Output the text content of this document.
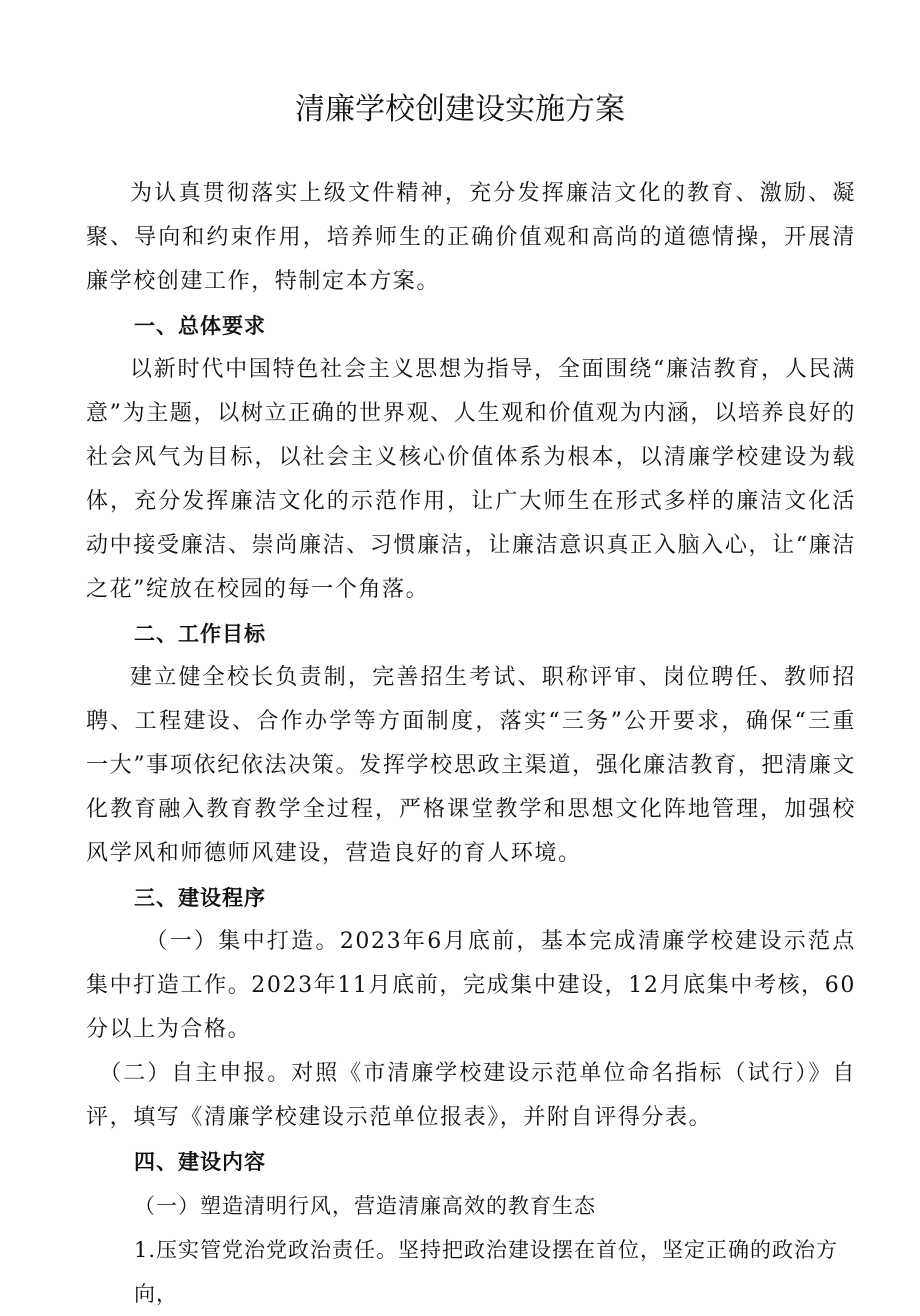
清廉学校创建设实施方案

为认真贯彻落实上级文件精神，充分发挥廉洁文化的教育、激励、凝聚、导向和约束作用，培养师生的正确价值观和高尚的道德情操，开展清廉学校创建工作，特制定本方案。

一、总体要求

以新时代中国特色社会主义思想为指导，全面围绕“廉洁教育，人民满意”为主题，以树立正确的世界观、人生观和价值观为内涵，以培养良好的社会风气为目标，以社会主义核心价值体系为根本，以清廉学校建设为载体，充分发挥廉洁文化的示范作用，让广大师生在形式多样的廉洁文化活动中接受廉洁、崇尚廉洁、习惯廉洁，让廉洁意识真正入脑入心，让“廉洁之花”绽放在校园的每一个角落。

二、工作目标

建立健全校长负责制，完善招生考试、职称评审、岗位聘任、教师招聘、工程建设、合作办学等方面制度，落实“三务”公开要求，确保“三重一大”事项依纪依法决策。发挥学校思政主渠道，强化廉洁教育，把清廉文化教育融入教育教学全过程，严格课堂教学和思想文化阵地管理，加强校风学风和师德师风建设，营造良好的育人环境。

三、建设程序

（一）集中打造。2023年6月底前，基本完成清廉学校建设示范点集中打造工作。2023年11月底前，完成集中建设，12月底集中考核，60分以上为合格。

（二）自主申报。对照《市清廉学校建设示范单位命名指标（试行）》自评，填写《清廉学校建设示范单位报表》，并附自评得分表。

四、建设内容

（一）塑造清明行风，营造清廉高效的教育生态

1.压实管党治党政治责任。坚持把政治建设摆在首位，坚定正确的政治方向，
